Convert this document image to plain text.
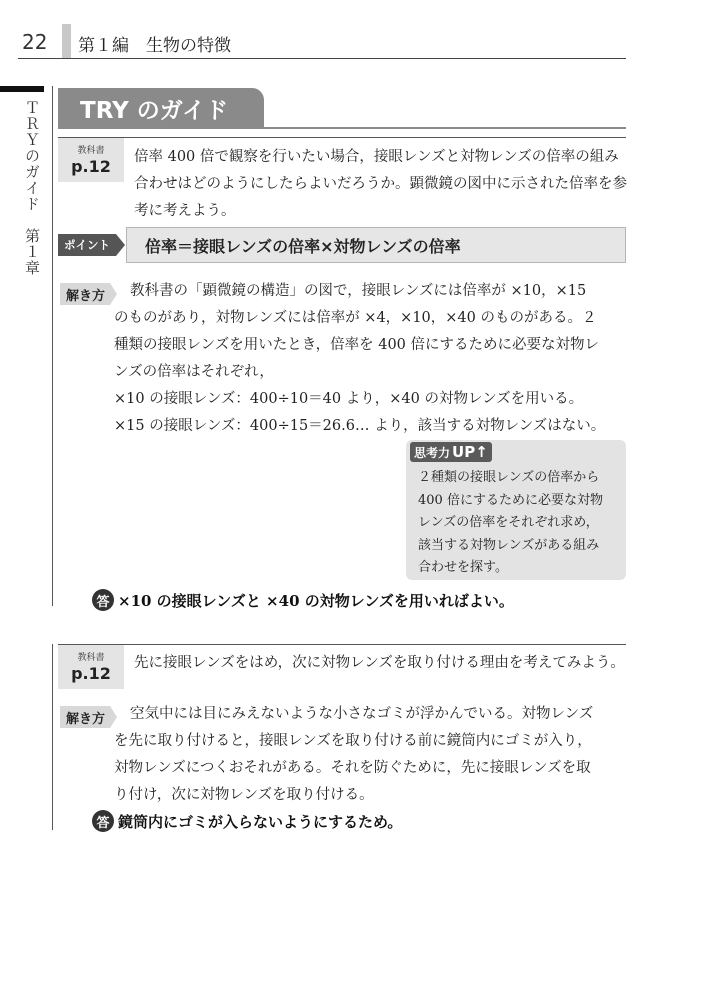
22 第１編　生物の特徴
ＴＲＹのガイド　第１章	TRY のガイド
教科書
p.12	倍率 400 倍で観察を行いたい場合，接眼レンズと対物レンズの倍率の組み
合わせはどのようにしたらよいだろうか。顕微鏡の図中に示された倍率を参
考に考えよう。
ポイント	倍率＝接眼レンズの倍率×対物レンズの倍率
解き方	教科書の「顕微鏡の構造」の図で，接眼レンズには倍率が ×10，×15
のものがあり，対物レンズには倍率が ×4，×10，×40 のものがある。２
種類の接眼レンズを用いたとき，倍率を 400 倍にするために必要な対物レ
ンズの倍率はそれぞれ，
×10 の接眼レンズ：400÷10＝40 より，×40 の対物レンズを用いる。
×15 の接眼レンズ：400÷15＝26.6… より，該当する対物レンズはない。
思考力 UP↑
２種類の接眼レンズの倍率から
400 倍にするために必要な対物
レンズの倍率をそれぞれ求め，
該当する対物レンズがある組み
合わせを探す。
答 ×10 の接眼レンズと ×40 の対物レンズを用いればよい。
教科書
p.12
先に接眼レンズをはめ，次に対物レンズを取り付ける理由を考えてみよう。
解き方	空気中には目にみえないような小さなゴミが浮かんでいる。対物レンズ
を先に取り付けると，接眼レンズを取り付ける前に鏡筒内にゴミが入り，
対物レンズにつくおそれがある。それを防ぐために，先に接眼レンズを取
り付け，次に対物レンズを取り付ける。
答 鏡筒内にゴミが入らないようにするため。
